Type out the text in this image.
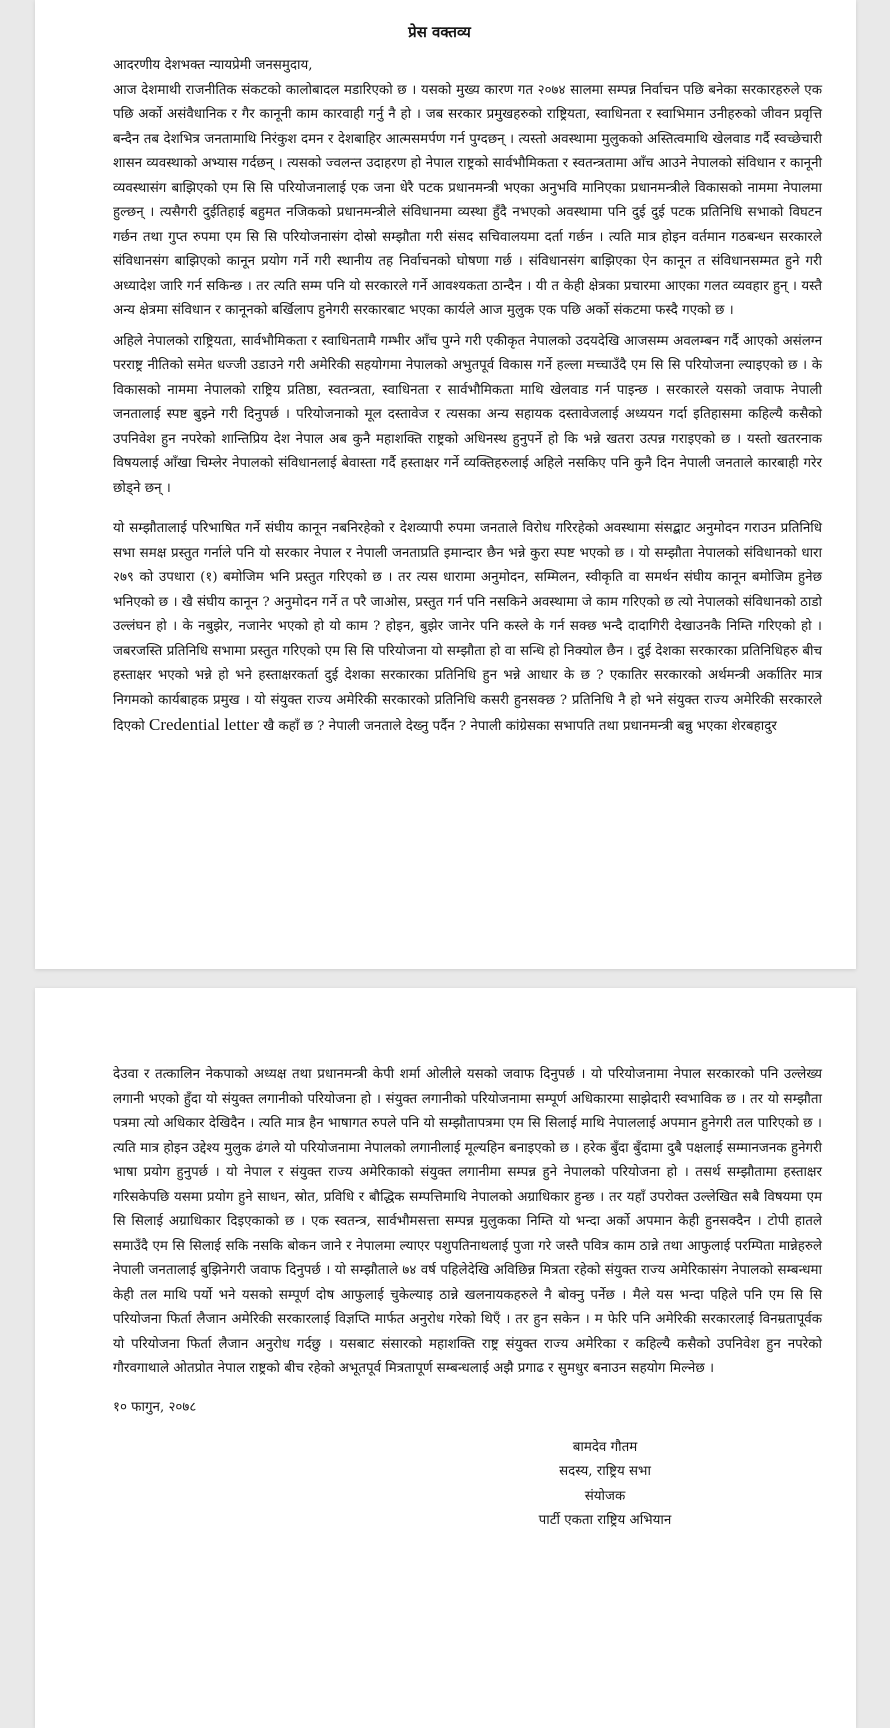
प्रेस वक्तव्य

आदरणीय देशभक्त न्यायप्रेमी जनसमुदाय,

आज देशमाथी राजनीतिक संकटको कालोबादल मडारिएको छ । यसको मुख्य कारण गत २०७४ सालमा सम्पन्न निर्वाचन पछि बनेका सरकारहरुले एक पछि अर्को असंवैधानिक र गैर कानूनी काम कारवाही गर्नु नै हो । जब सरकार प्रमुखहरुको राष्ट्रियता, स्वाधिनता र स्वाभिमान उनीहरुको जीवन प्रवृत्ति बन्दैन तब देशभित्र जनतामाथि निरंकुश दमन र देशबाहिर आत्मसमर्पण गर्न पुग्दछन् । त्यस्तो अवस्थामा मुलुकको अस्तित्वमाथि खेलवाड गर्दै स्वच्छेचारी शासन व्यवस्थाको अभ्यास गर्दछन् । त्यसको ज्वलन्त उदाहरण हो नेपाल राष्ट्रको सार्वभौमिकता र स्वतन्त्रतामा आँच आउने नेपालको संविधान र कानूनी व्यवस्थासंग बाझिएको एम सि सि परियोजनालाई एक जना धेरै पटक प्रधानमन्त्री भएका अनुभवि मानिएका प्रधानमन्त्रीले विकासको नाममा नेपालमा हुल्छन् । त्यसैगरी दुईतिहाई बहुमत नजिकको प्रधानमन्त्रीले संविधानमा व्यस्था हुँदै नभएको अवस्थामा पनि दुई दुई पटक प्रतिनिधि सभाको विघटन गर्छन तथा गुप्त रुपमा एम सि सि परियोजनासंग दोस्रो सम्झौता गरी संसद सचिवालयमा दर्ता गर्छन । त्यति मात्र होइन वर्तमान गठबन्धन सरकारले संविधानसंग बाझिएको कानून प्रयोग गर्ने गरी स्थानीय तह निर्वाचनको घोषणा गर्छ । संविधानसंग बाझिएका ऐन कानून त संविधानसम्मत हुने गरी अध्यादेश जारि गर्न सकिन्छ । तर त्यति सम्म पनि यो सरकारले गर्ने आवश्यकता ठान्दैन । यी त केही क्षेत्रका प्रचारमा आएका गलत व्यवहार हुन् । यस्तै अन्य क्षेत्रमा संविधान र कानूनको बर्खिलाप हुनेगरी सरकारबाट भएका कार्यले आज मुलुक एक पछि अर्को संकटमा फस्दै गएको छ ।

अहिले नेपालको राष्ट्रियता, सार्वभौमिकता र स्वाधिनतामै गम्भीर आँच पुग्ने गरी एकीकृत नेपालको उदयदेखि आजसम्म अवलम्बन गर्दै आएको असंलग्न परराष्ट्र नीतिको समेत धज्जी उडाउने गरी अमेरिकी सहयोगमा नेपालको अभुतपूर्व विकास गर्ने हल्ला मच्चाउँदै एम सि सि परियोजना ल्याइएको छ । के विकासको नाममा नेपालको राष्ट्रिय प्रतिष्ठा, स्वतन्त्रता, स्वाधिनता र सार्वभौमिकता माथि खेलवाड गर्न पाइन्छ । सरकारले यसको जवाफ नेपाली जनतालाई स्पष्ट बुझ्ने गरी दिनुपर्छ । परियोजनाको मूल दस्तावेज र त्यसका अन्य सहायक दस्तावेजलाई अध्ययन गर्दा इतिहासमा कहिल्यै कसैको उपनिवेश हुन नपरेको शान्तिप्रिय देश नेपाल अब कुनै महाशक्ति राष्ट्रको अधिनस्थ हुनुपर्ने हो कि भन्ने खतरा उत्पन्न गराइएको छ । यस्तो खतरनाक विषयलाई आँखा चिम्लेर नेपालको संविधानलाई बेवास्ता गर्दै हस्ताक्षर गर्ने व्यक्तिहरुलाई अहिले नसकिए पनि कुनै दिन नेपाली जनताले कारबाही गरेर छोड्ने छन् ।

यो सम्झौतालाई परिभाषित गर्ने संघीय कानून नबनिरहेको र देशव्यापी रुपमा जनताले विरोध गरिरहेको अवस्थामा संसद्बाट अनुमोदन गराउन प्रतिनिधि सभा समक्ष प्रस्तुत गर्नाले पनि यो सरकार नेपाल र नेपाली जनताप्रति इमान्दार छैन भन्ने कुरा स्पष्ट भएको छ । यो सम्झौता नेपालको संविधानको धारा २७९ को उपधारा (१) बमोजिम भनि प्रस्तुत गरिएको छ । तर त्यस धारामा अनुमोदन, सम्मिलन, स्वीकृति वा समर्थन संघीय कानून बमोजिम हुनेछ भनिएको छ । खै संघीय कानून ? अनुमोदन गर्ने त परै जाओस, प्रस्तुत गर्न पनि नसकिने अवस्थामा जे काम गरिएको छ त्यो नेपालको संविधानको ठाडो उल्लंघन हो । के नबुझेर, नजानेर भएको हो यो काम ? होइन, बुझेर जानेर पनि कस्ले के गर्न सक्छ भन्दै दादागिरी देखाउनकै निम्ति गरिएको हो । जबरजस्ति प्रतिनिधि सभामा प्रस्तुत गरिएको एम सि सि परियोजना यो सम्झौता हो वा सन्धि हो निक्योल छैन । दुई देशका सरकारका प्रतिनिधिहरु बीच हस्ताक्षर भएको भन्ने हो भने हस्ताक्षरकर्ता दुई देशका सरकारका प्रतिनिधि हुन भन्ने आधार के छ ? एकातिर सरकारको अर्थमन्त्री अर्कातिर मात्र निगमको कार्यबाहक प्रमुख । यो संयुक्त राज्य अमेरिकी सरकारको प्रतिनिधि कसरी हुनसक्छ ? प्रतिनिधि नै हो भने संयुक्त राज्य अमेरिकी सरकारले दिएको Credential letter खै कहाँ छ ? नेपाली जनताले देख्नु पर्दैन ? नेपाली कांग्रेसका सभापति तथा प्रधानमन्त्री बन्नु भएका शेरबहादुर

देउवा र तत्कालिन नेकपाको अध्यक्ष तथा प्रधानमन्त्री केपी शर्मा ओलीले यसको जवाफ दिनुपर्छ । यो परियोजनामा नेपाल सरकारको पनि उल्लेख्य लगानी भएको हुँदा यो संयुक्त लगानीको परियोजना हो । संयुक्त लगानीको परियोजनामा सम्पूर्ण अधिकारमा साझेदारी स्वभाविक छ । तर यो सम्झौता पत्रमा त्यो अधिकार देखिदैन । त्यति मात्र हैन भाषागत रुपले पनि यो सम्झौतापत्रमा एम सि सिलाई माथि नेपाललाई अपमान हुनेगरी तल पारिएको छ । त्यति मात्र होइन उद्देश्य मुलुक ढंगले यो परियोजनामा नेपालको लगानीलाई मूल्यहिन बनाइएको छ । हरेक बुँदा बुँदामा दुबै पक्षलाई सम्मानजनक हुनेगरी भाषा प्रयोग हुनुपर्छ । यो नेपाल र संयुक्त राज्य अमेरिकाको संयुक्त लगानीमा सम्पन्न हुने नेपालको परियोजना हो । तसर्थ सम्झौतामा हस्ताक्षर गरिसकेपछि यसमा प्रयोग हुने साधन, स्रोत, प्रविधि र बौद्धिक सम्पत्तिमाथि नेपालको अग्राधिकार हुन्छ । तर यहाँ उपरोक्त उल्लेखित सबै विषयमा एम सि सिलाई अग्राधिकार दिइएकाको छ । एक स्वतन्त्र, सार्वभौमसत्ता सम्पन्न मुलुकका निम्ति यो भन्दा अर्को अपमान केही हुनसक्दैन । टोपी हातले समाउँदै एम सि सिलाई सकि नसकि बोकन जाने र नेपालमा ल्याएर पशुपतिनाथलाई पुजा गरे जस्तै पवित्र काम ठान्ने तथा आफुलाई परम्पिता मान्नेहरुले नेपाली जनतालाई बुझिनेगरी जवाफ दिनुपर्छ । यो सम्झौताले ७४ वर्ष पहिलेदेखि अविछिन्न मित्रता रहेको संयुक्त राज्य अमेरिकासंग नेपालको सम्बन्धमा केही तल माथि पर्यो भने यसको सम्पूर्ण दोष आफुलाई चुकेल्याइ ठान्ने खलनायकहरुले नै बोक्नु पर्नेछ । मैले यस भन्दा पहिले पनि एम सि सि परियोजना फिर्ता लैजान अमेरिकी सरकारलाई विज्ञप्ति मार्फत अनुरोध गरेको थिएँ । तर हुन सकेन । म फेरि पनि अमेरिकी सरकारलाई विनम्रतापूर्वक यो परियोजना फिर्ता लैजान अनुरोध गर्दछु । यसबाट संसारको महाशक्ति राष्ट्र संयुक्त राज्य अमेरिका र कहिल्यै कसैको उपनिवेश हुन नपरेको गौरवगाथाले ओतप्रोत नेपाल राष्ट्रको बीच रहेको अभूतपूर्व मित्रतापूर्ण सम्बन्धलाई अझै प्रगाढ र सुमधुर बनाउन सहयोग मिल्नेछ ।

१० फागुन, २०७८

बामदेव गौतम
सदस्य, राष्ट्रिय सभा
संयोजक
पार्टी एकता राष्ट्रिय अभियान
